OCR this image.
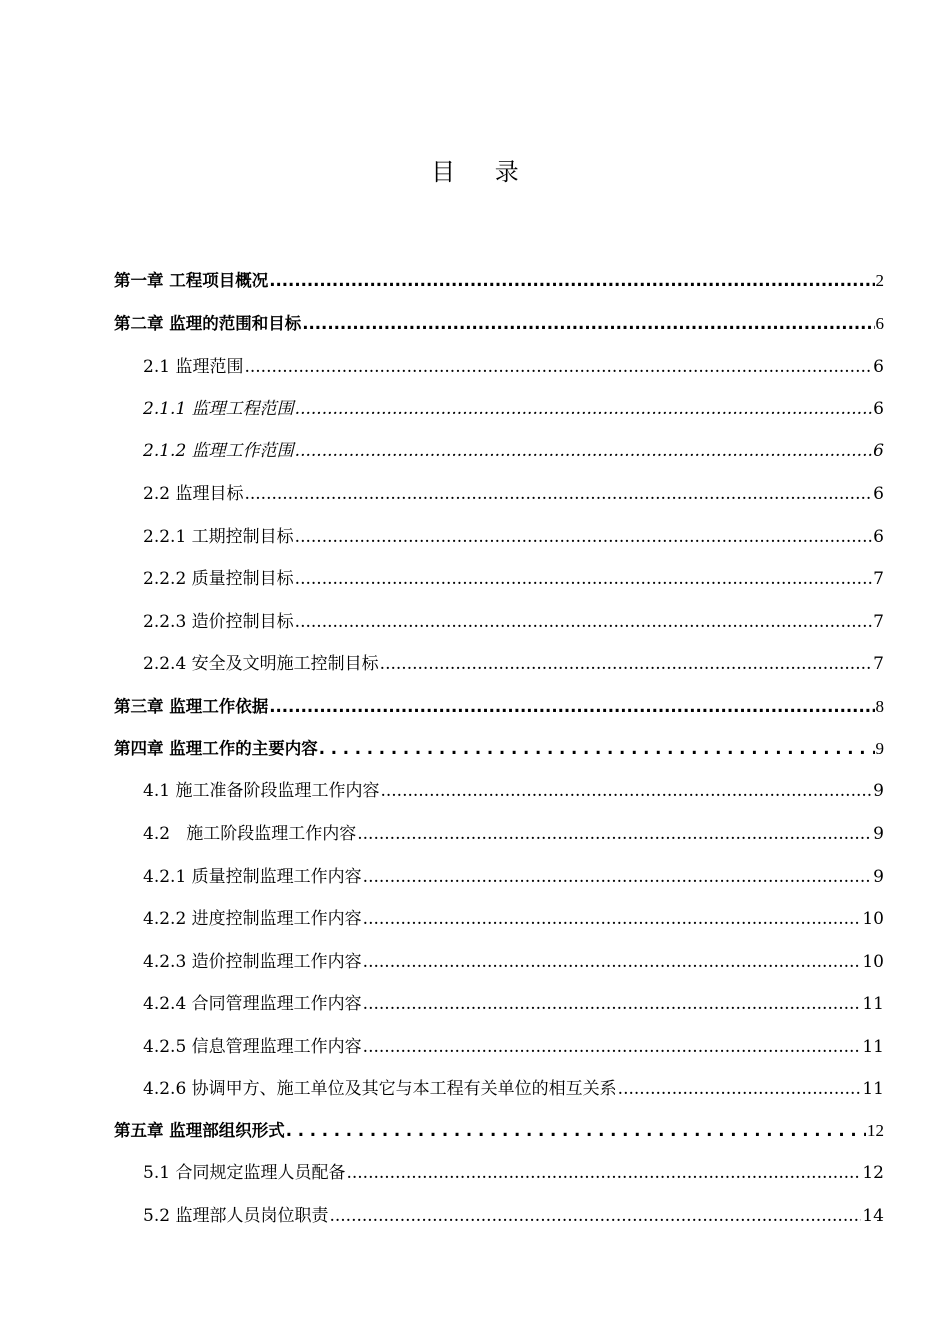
目 录
第一章 工程项目概况 .....	2
第二章 监理的范围和目标 .....	6
2.1 监理范围 .....	6
2.1.1 监理工程范围 .....	6
2.1.2 监理工作范围 .....	6
2.2 监理目标 .....	6
2.2.1 工期控制目标 .....	6
2.2.2 质量控制目标 .....	7
2.2.3 造价控制目标 .....	7
2.2.4 安全及文明施工控制目标 .....	7
第三章 监理工作依据 .....	8
第四章 监理工作的主要内容 . . .	9
4.1 施工准备阶段监理工作内容 .....	9
4.2   施工阶段监理工作内容 .....	9
4.2.1 质量控制监理工作内容 .....	9
4.2.2 进度控制监理工作内容 .....	10
4.2.3 造价控制监理工作内容 .....	10
4.2.4 合同管理监理工作内容 .....	11
4.2.5 信息管理监理工作内容 .....	11
4.2.6 协调甲方、施工单位及其它与本工程有关单位的相互关系 .....	11
第五章 监理部组织形式 . . .	12
5.1 合同规定监理人员配备 .....	12
5.2 监理部人员岗位职责 .....	14
